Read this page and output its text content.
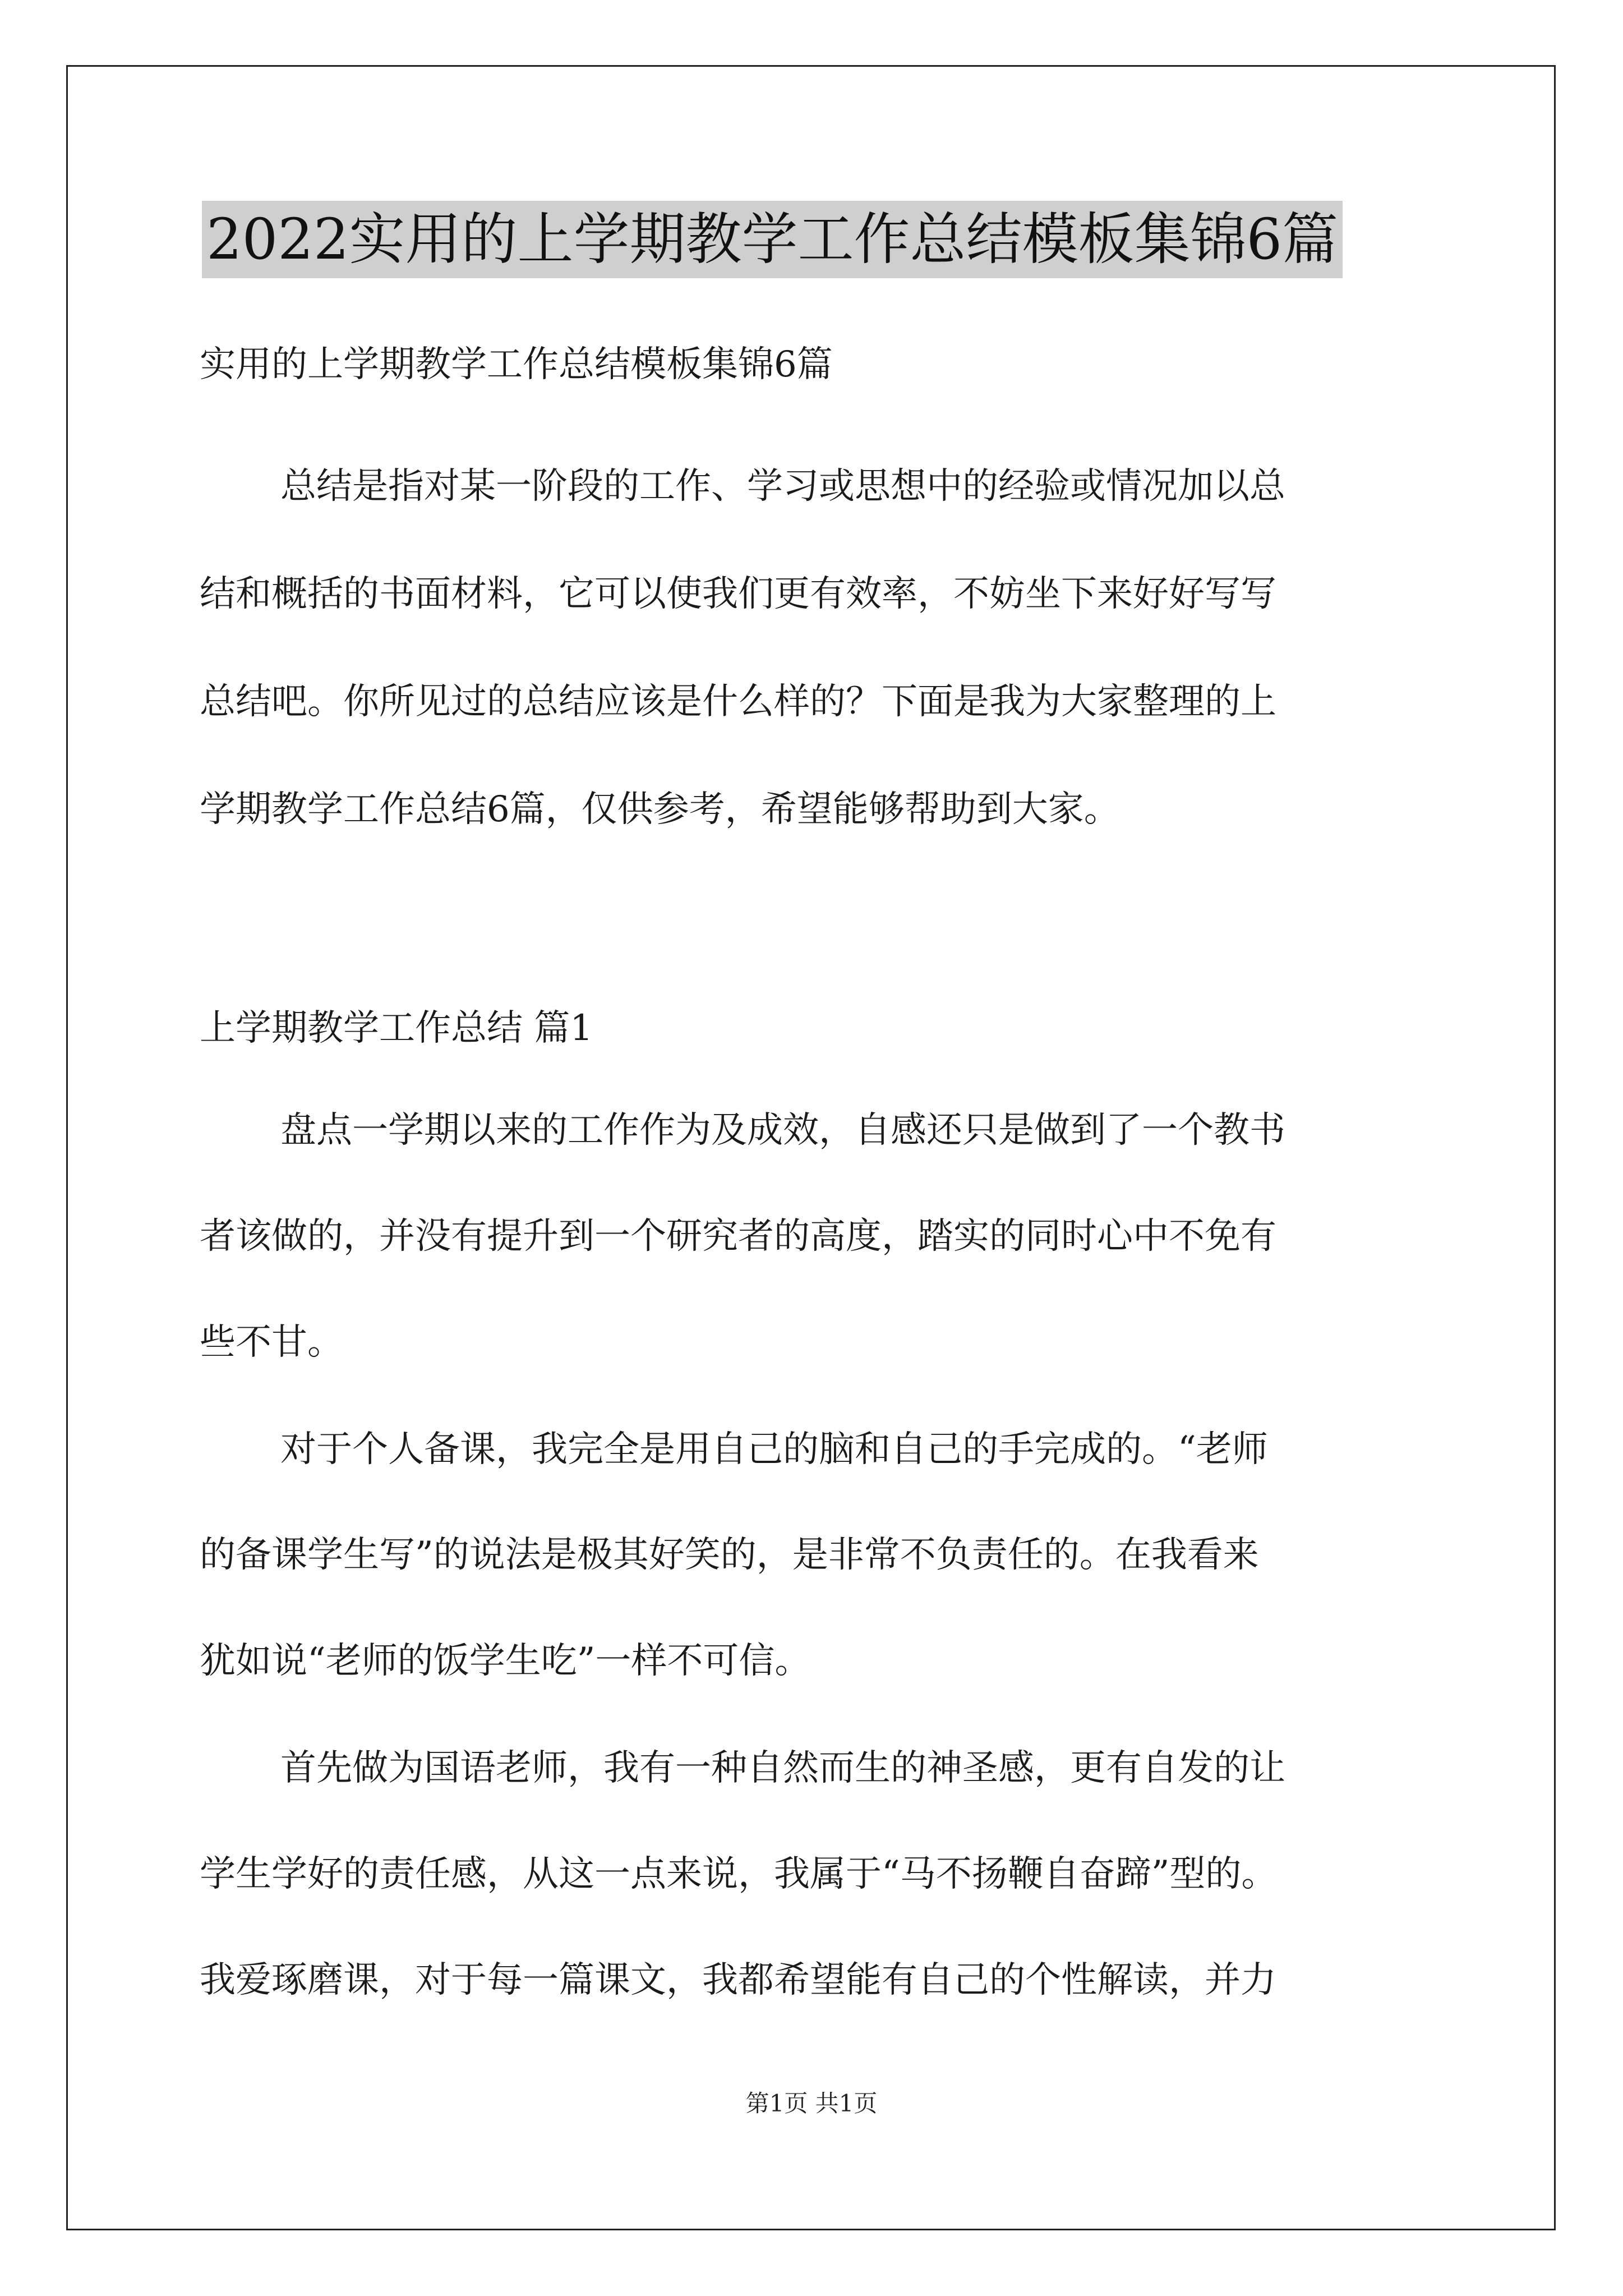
2022实用的上学期教学工作总结模板集锦6篇
实用的上学期教学工作总结模板集锦6篇
总结是指对某一阶段的工作、学习或思想中的经验或情况加以总
结和概括的书面材料，它可以使我们更有效率，不妨坐下来好好写写
总结吧。你所见过的总结应该是什么样的？下面是我为大家整理的上
学期教学工作总结6篇，仅供参考，希望能够帮助到大家。
上学期教学工作总结 篇1
盘点一学期以来的工作作为及成效，自感还只是做到了一个教书
者该做的，并没有提升到一个研究者的高度，踏实的同时心中不免有
些不甘。
对于个人备课，我完全是用自己的脑和自己的手完成的。“老师
的备课学生写”的说法是极其好笑的，是非常不负责任的。在我看来
犹如说“老师的饭学生吃”一样不可信。
首先做为国语老师，我有一种自然而生的神圣感，更有自发的让
学生学好的责任感，从这一点来说，我属于“马不扬鞭自奋蹄”型的。
我爱琢磨课，对于每一篇课文，我都希望能有自己的个性解读，并力
第1页 共1页
